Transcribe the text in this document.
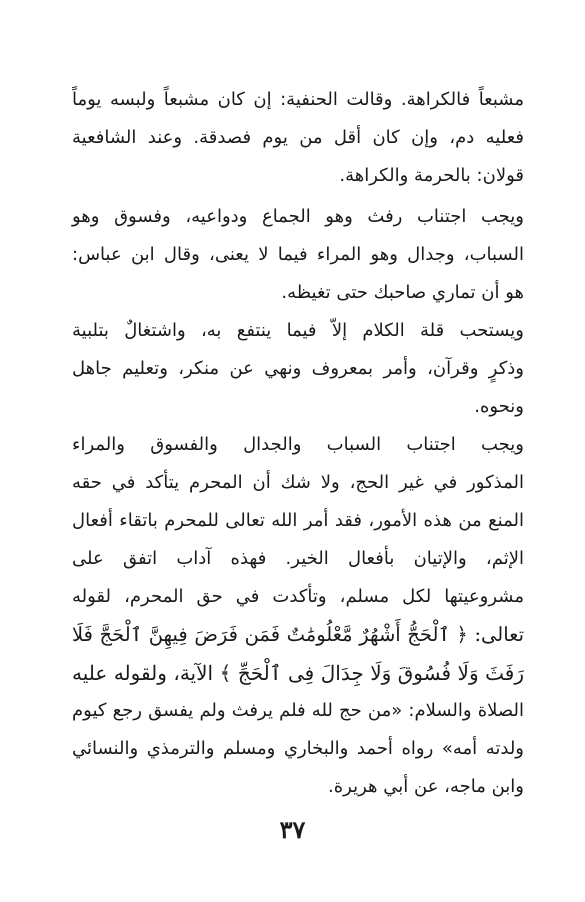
مشبعاً فالكراهة. وقالت الحنفية: إن كان مشبعاً ولبسه يوماً
فعليه دم، وإن كان أقل من يوم فصدقة. وعند الشافعية
قولان: بالحرمة والكراهة.
ويجب اجتناب رفث وهو الجماع ودواعيه، وفسوق وهو
السباب، وجدال وهو المراء فيما لا يعنى، وقال ابن عباس:
هو أن تماري صاحبك حتى تغيظه.
ويستحب قلة الكلام إلاّ فيما ينتفع به، واشتغالٌ بتلبية
وذكرٍ وقرآن، وأمر بمعروف ونهي عن منكر، وتعليم جاهل
ونحوه.
ويجب اجتناب السباب والجدال والفسوق والمراء
المذكور في غير الحج، ولا شك أن المحرم يتأكد في حقه
المنع من هذه الأمور، فقد أمر الله تعالى للمحرم باتقاء أفعال
الإثم، والإتيان بأفعال الخير. فهذه آداب اتفق على
مشروعيتها لكل مسلم، وتأكدت في حق المحرم، لقوله
تعالى: ﴿ ٱلْحَجُّ أَشْهُرٌ مَّعْلُومَٰتٌ فَمَن فَرَضَ فِيهِنَّ ٱلْحَجَّ فَلَا
رَفَثَ وَلَا فُسُوقَ وَلَا جِدَالَ فِى ٱلْحَجِّ ﴾ الآية، ولقوله عليه
الصلاة والسلام: «من حج لله فلم يرفث ولم يفسق رجع كيوم
ولدته أمه» رواه أحمد والبخاري ومسلم والترمذي والنسائي
وابن ماجه، عن أبي هريرة.
٣٧
